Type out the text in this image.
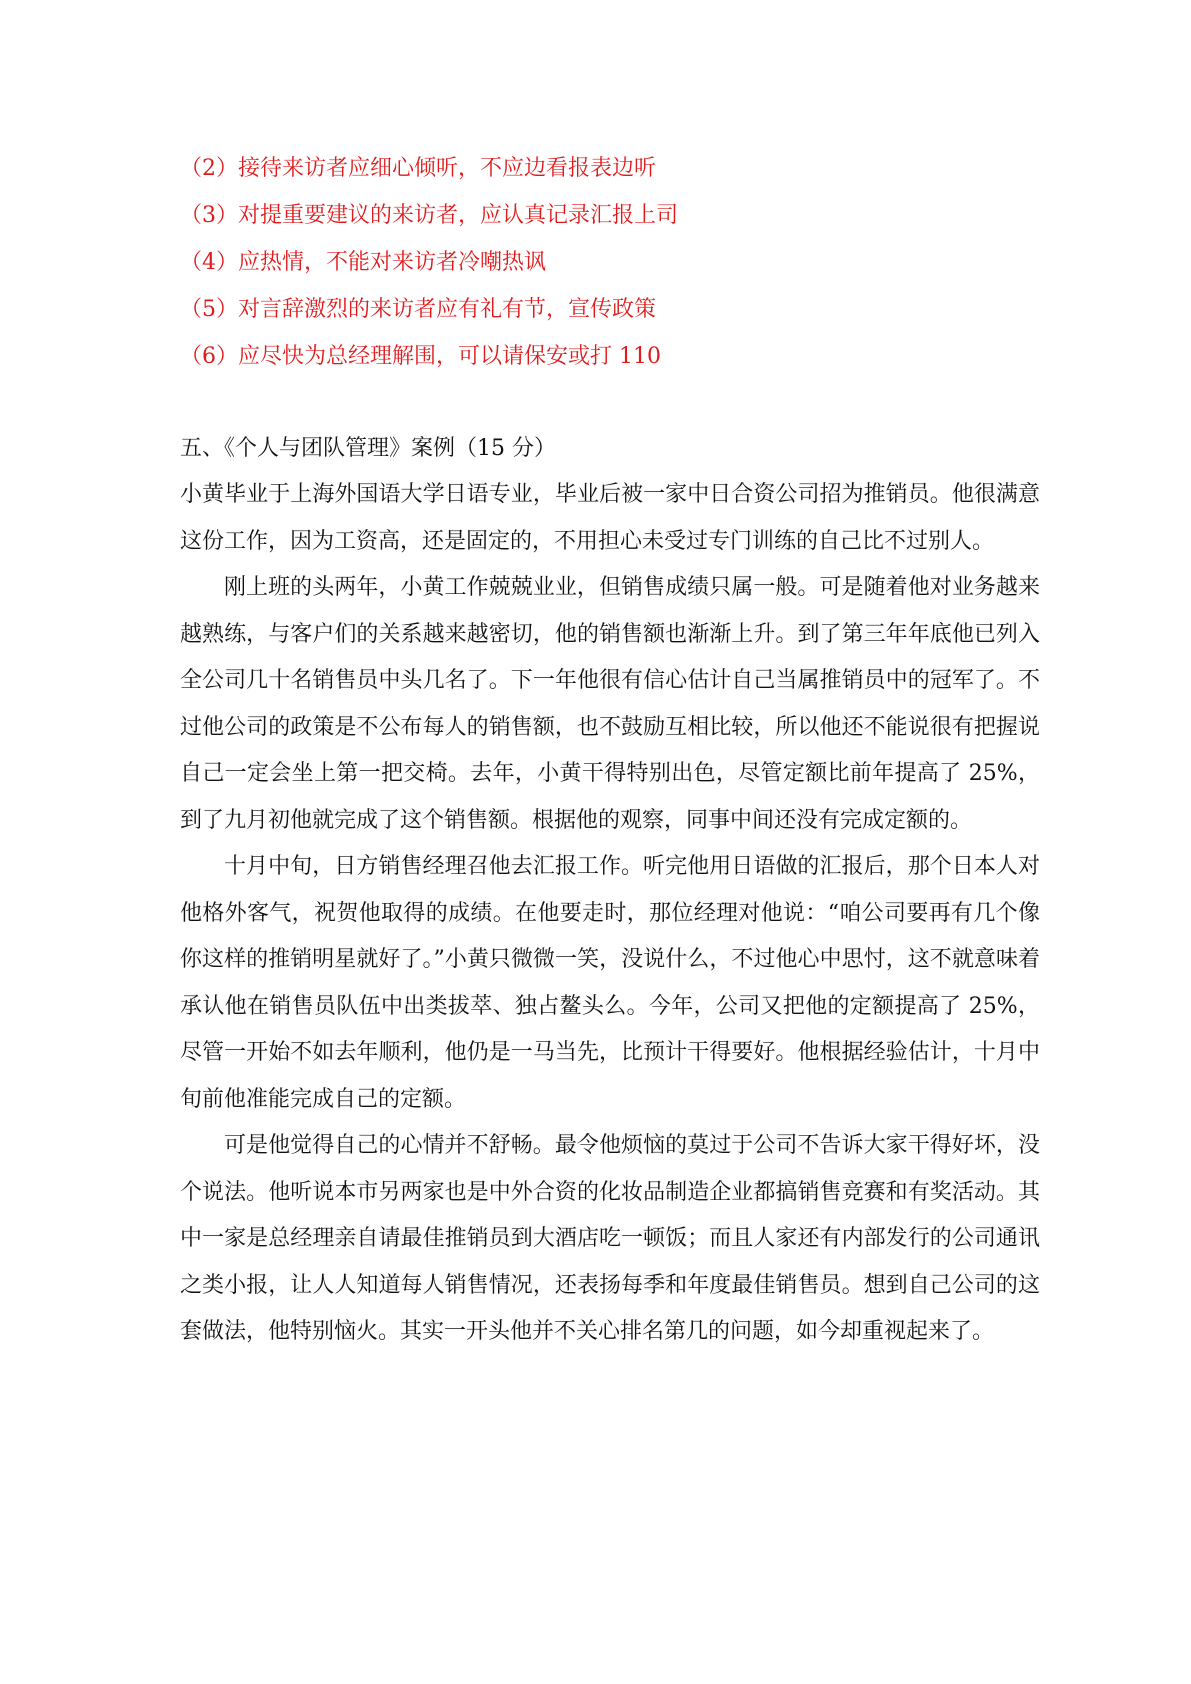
（2）接待来访者应细心倾听，不应边看报表边听
（3）对提重要建议的来访者，应认真记录汇报上司
（4）应热情，不能对来访者冷嘲热讽
（5）对言辞激烈的来访者应有礼有节，宣传政策
（6）应尽快为总经理解围，可以请保安或打 110
五、《个人与团队管理》案例（15 分）

小黄毕业于上海外国语大学日语专业，毕业后被一家中日合资公司招为推销员。他很满意这份工作，因为工资高，还是固定的，不用担心未受过专门训练的自己比不过别人。

刚上班的头两年，小黄工作兢兢业业，但销售成绩只属一般。可是随着他对业务越来越熟练，与客户们的关系越来越密切，他的销售额也渐渐上升。到了第三年年底他已列入全公司几十名销售员中头几名了。下一年他很有信心估计自己当属推销员中的冠军了。不过他公司的政策是不公布每人的销售额，也不鼓励互相比较，所以他还不能说很有把握说自己一定会坐上第一把交椅。去年，小黄干得特别出色，尽管定额比前年提高了 25%，到了九月初他就完成了这个销售额。根据他的观察，同事中间还没有完成定额的。

十月中旬，日方销售经理召他去汇报工作。听完他用日语做的汇报后，那个日本人对他格外客气，祝贺他取得的成绩。在他要走时，那位经理对他说：“咱公司要再有几个像你这样的推销明星就好了。”小黄只微微一笑，没说什么，不过他心中思忖，这不就意味着承认他在销售员队伍中出类拔萃、独占鳌头么。今年，公司又把他的定额提高了 25%，尽管一开始不如去年顺利，他仍是一马当先，比预计干得要好。他根据经验估计，十月中旬前他准能完成自己的定额。

可是他觉得自己的心情并不舒畅。最令他烦恼的莫过于公司不告诉大家干得好坏，没个说法。他听说本市另两家也是中外合资的化妆品制造企业都搞销售竞赛和有奖活动。其中一家是总经理亲自请最佳推销员到大酒店吃一顿饭；而且人家还有内部发行的公司通讯之类小报，让人人知道每人销售情况，还表扬每季和年度最佳销售员。想到自己公司的这套做法，他特别恼火。其实一开头他并不关心排名第几的问题，如今却重视起来了。
